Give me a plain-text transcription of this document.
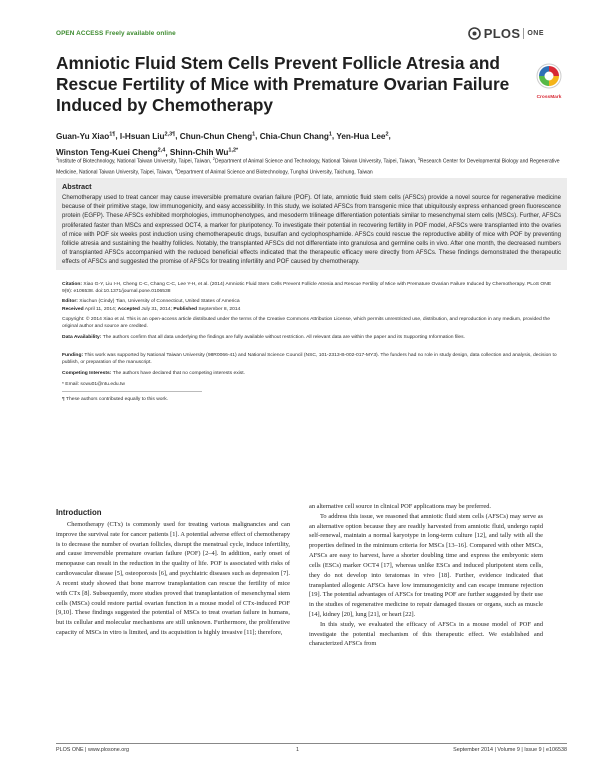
OPEN ACCESS Freely available online	PLOS ONE
Amniotic Fluid Stem Cells Prevent Follicle Atresia and Rescue Fertility of Mice with Premature Ovarian Failure Induced by Chemotherapy	CrossMark
Guan-Yu Xiao$^{1\P}$, I-Hsuan Liu$^{2,3\P}$, Chun-Chun Cheng$^1$, Chia-Chun Chang$^1$, Yen-Hua Lee$^2$,
Winston Teng-Kuei Cheng$^{2,4}$, Shinn-Chih $Wu^{1,2*}$
$^1$Institute of Biotechnology, National Taiwan University, Taipei, Taiwan, $^2$Department of Animal Science and Technology, National Taiwan University, Taipei, Taiwan, $^3$Research Center for Developmental Biology and Regenerative Medicine, National Taiwan University, Taipei, Taiwan, $^4$Department of Animal Science and Biotechnology, Tunghai University, Taichung, Taiwan
Abstract

Chemotherapy used to treat cancer may cause irreversible premature ovarian failure (POF). Of late, amniotic fluid stem cells (AFSCs) provide a novel source for regenerative medicine because of their primitive stage, low immunogenicity, and easy accessibility. In this study, we isolated AFSCs from transgenic mice that ubiquitously express enhanced green fluorescence protein (EGFP). These AFSCs exhibited morphologies, immunophenotypes, and mesoderm trilineage differentiation potentials similar to mesenchymal stem cells (MSCs). Further, AFSCs proliferated faster than MSCs and expressed OCT4, a marker for pluripotency. To investigate their potential in recovering fertility in POF model, AFSCs were transplanted into the ovaries of mice with POF six weeks post induction using chemotherapeutic drugs, busulfan and cyclophosphamide. AFSCs could rescue the reproductive ability of mice with POF by preventing follicle atresia and sustaining the healthy follicles. Notably, the transplanted AFSCs did not differentiate into granulosa and germline cells in vivo. After one month, the decreased numbers of transplanted AFSCs accompanied with the reduced beneficial effects indicated that the therapeutic efficacy were directly from AFSCs. These findings demonstrated the therapeutic effects of AFSCs and suggested the promise of AFSCs for treating infertility and POF caused by chemotherapy.

Citation: Xiao G-Y, Liu I-H, Cheng C-C, Chang C-C, Lee Y-H, et al. (2014) Amniotic Fluid Stem Cells Prevent Follicle Atresia and Rescue Fertility of Mice with Premature Ovarian Failure Induced by Chemotherapy. PLoS ONE 9(9): e106538. doi:10.1371/journal.pone.0106538
Editor: Xiuchun (Cindy) Tian, University of Connecticut, United States of America
Received April 11, 2014; Accepted July 31, 2014; Published September 8, 2014
Copyright: © 2014 Xiao et al. This is an open-access article distributed under the terms of the Creative Commons Attribution License, which permits unrestricted use, distribution, and reproduction in any medium, provided the original author and source are credited.
Data Availability: The authors confirm that all data underlying the findings are fully available without restriction. All relevant data are within the paper and its Supporting Information files.
Funding: This work was supported by National Taiwan University (98R0066-41) and National Science Council (NSC, 101-2313-B-002-017-MY3). The funders had no role in study design, data collection and analysis, decision to publish, or preparation of the manuscript.
Competing Interests: The authors have declared that no competing interests exist.
* Email: scwu01@ntu.edu.tw
¶ These authors contributed equally to this work.
Introduction

Chemotherapy (CTx) is commonly used for treating various malignancies and can improve the survival rate for cancer patients [1]. A potential adverse effect of chemotherapy is to decrease the number of ovarian follicles, disrupt the menstrual cycle, induce infertility, and cause irreversible premature ovarian failure (POF) [2–4]. In addition, early onset of menopause can result in the reduction in the quality of life. POF is associated with risks of cardiovascular disease [5], osteoporosis [6], and psychiatric diseases such as depression [7]. A recent study showed that bone marrow transplantation can rescue the fertility of mice with CTx [8]. Subsequently, more studies proved that transplantation of mesenchymal stem cells (MSCs) could restore partial ovarian function in a mouse model of CTx-induced POF [9,10]. These findings suggested the potential of MSCs to treat ovarian failure in humans, but its cellular and molecular mechanisms are still unknown. Furthermore, the proliferative capacity of MSCs in vitro is limited, and its acquisition is highly invasive [11]; therefore,

an alternative cell source in clinical POF applications may be preferred.

To address this issue, we reasoned that amniotic fluid stem cells (AFSCs) may serve as an alternative option because they are readily harvested from amniotic fluid, undergo rapid self-renewal, maintain a normal karyotype in long-term culture [12], and tally with all the properties defined in the minimum criteria for MSCs [13–16]. Compared with other MSCs, AFSCs are easy to harvest, have a shorter doubling time and express the embryonic stem cells (ESCs) marker OCT4 [17], whereas unlike ESCs and induced pluripotent stem cells, they do not develop into teratomas in vivo [18]. Further, evidence indicated that transplanted allogenic AFSCs have low immunogenicity and can escape immune rejection [19]. The potential advantages of AFSCs for treating POF are further suggested by their use in the studies of regenerative medicine to repair damaged tissues or organs, such as muscle [14], kidney [20], lung [21], or heart [22].

In this study, we evaluated the efficacy of AFSCs in a mouse model of POF and investigate the potential mechanism of this therapeutic effect. We established and characterized AFSCs from

PLOS ONE | www.plosone.org	1	September 2014 | Volume 9 | Issue 9 | e106538
